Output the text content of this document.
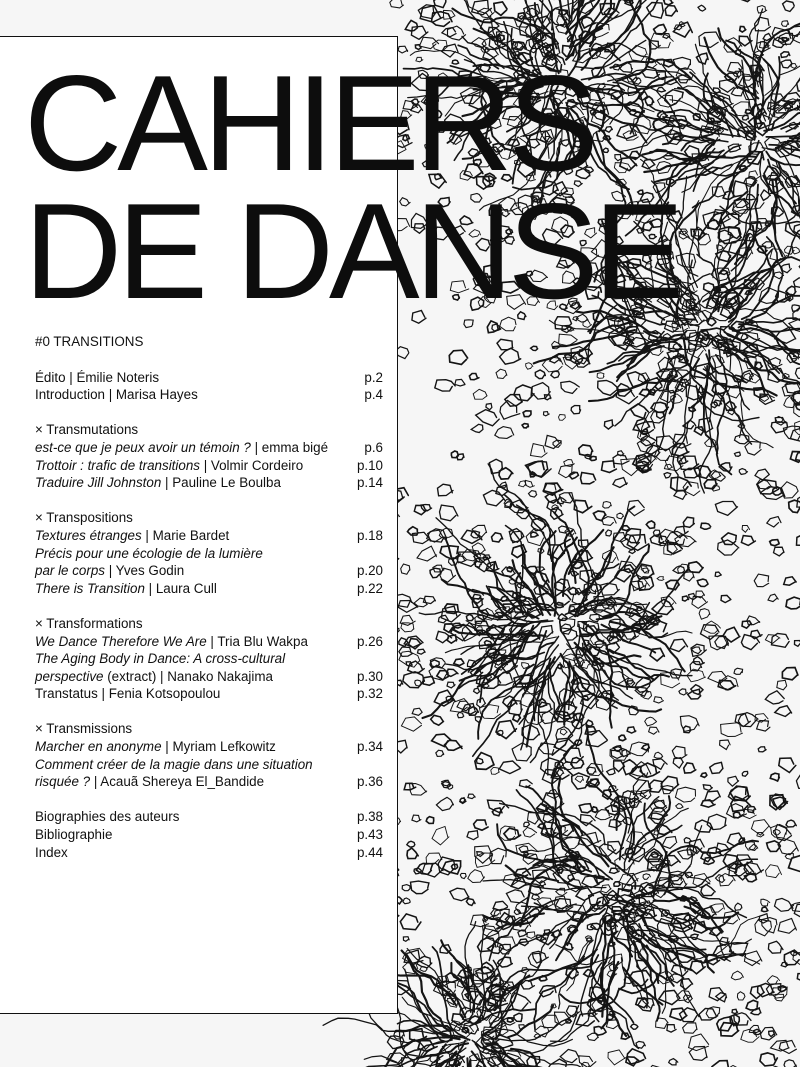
CAHIERS
DE DANSE

#0 TRANSITIONS

Édito | Émilie Noteris	p.2
Introduction | Marisa Hayes	p.4
× Transmutations
est-ce que je peux avoir un témoin ? | emma bigé	p.6
Trottoir : trafic de transitions | Volmir Cordeiro	p.10
Traduire Jill Johnston | Pauline Le Boulba	p.14
× Transpositions
Textures étranges | Marie Bardet	p.18
Précis pour une écologie de la lumière
par le corps | Yves Godin	p.20
There is Transition | Laura Cull	p.22
× Transformations
We Dance Therefore We Are | Tria Blu Wakpa	p.26
The Aging Body in Dance: A cross-cultural
perspective (extract) | Nanako Nakajima	p.30
Transtatus | Fenia Kotsopoulou	p.32
× Transmissions
Marcher en anonyme | Myriam Lefkowitz	p.34
Comment créer de la magie dans une situation
risquée ? | Acauã Shereya El_Bandide	p.36
Biographies des auteurs	p.38
Bibliographie	p.43
Index	p.44
